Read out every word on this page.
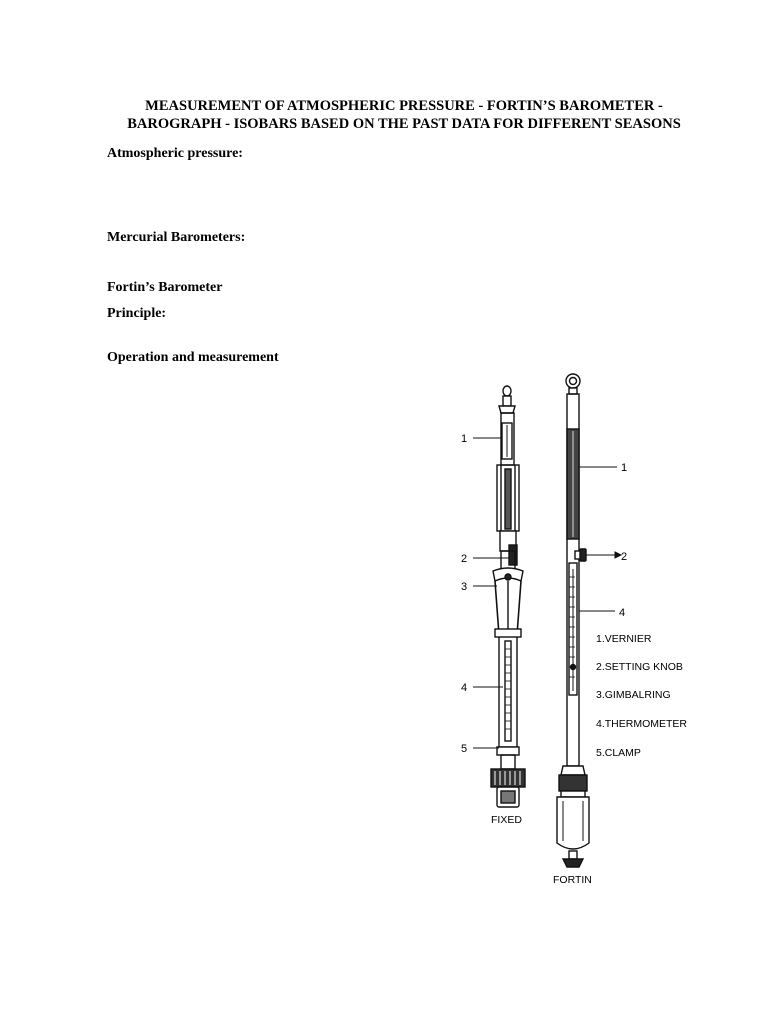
MEASUREMENT OF ATMOSPHERIC PRESSURE - FORTIN’S BAROMETER -
BAROGRAPH - ISOBARS BASED ON THE PAST DATA FOR DIFFERENT SEASONS
Atmospheric pressure:
Mercurial Barometers:
Fortin’s Barometer
Principle:
Operation and measurement
1
2
3
4
5
FIXED
1
2
4
1.VERNIER
2.SETTING KNOB
3.GIMBALRING
4.THERMOMETER
5.CLAMP
FORTIN
